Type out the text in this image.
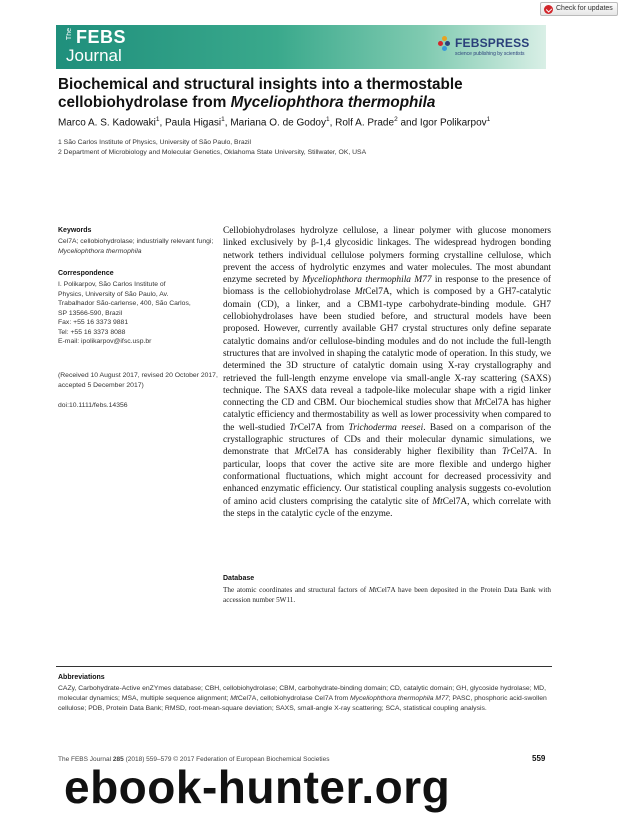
Check for updates
The FEBS
Journal
FEBSPRESS
science publishing by scientists
Biochemical and structural insights into a thermostable cellobiohydrolase from Myceliophthora thermophila
Marco A. S. Kadowaki$^1$, Paula Higasi$^1$, Mariana O. de Godoy$^1$, Rolf A. Prade$^2$ and Igor Polikarpov$^1$
1 São Carlos Institute of Physics, University of São Paulo, Brazil
2 Department of Microbiology and Molecular Genetics, Oklahoma State University, Stillwater, OK, USA
Keywords
Cel7A; cellobiohydrolase; industrially relevant fungi; Myceliophthora thermophila
Correspondence
I. Polikarpov, São Carlos Institute of
Physics, University of São Paulo, Av.
Trabalhador São-carlense, 400, São Carlos,
SP 13566-590, Brazil
Fax: +55 16 3373 9881
Tel: +55 16 3373 8088
E-mail: ipolikarpov@ifsc.usp.br
(Received 10 August 2017, revised 20 October 2017, accepted 5 December 2017)
doi:10.1111/febs.14356
Cellobiohydrolases hydrolyze cellulose, a linear polymer with glucose monomers linked exclusively by β-1,4 glycosidic linkages. The widespread hydrogen bonding network tethers individual cellulose polymers forming crystalline cellulose, which prevent the access of hydrolytic enzymes and water molecules. The most abundant enzyme secreted by Myceliophthora thermophila M77 in response to the presence of biomass is the cellobiohydrolase MtCel7A, which is composed by a GH7-catalytic domain (CD), a linker, and a CBM1-type carbohydrate-binding module. GH7 cellobiohydrolases have been studied before, and structural models have been proposed. However, currently available GH7 crystal structures only define separate catalytic domains and/or cellulose-binding modules and do not include the full-length structures that are involved in shaping the catalytic mode of operation. In this study, we determined the 3D structure of catalytic domain using X-ray crystallography and retrieved the full-length enzyme envelope via small-angle X-ray scattering (SAXS) technique. The SAXS data reveal a tadpole-like molecular shape with a rigid linker connecting the CD and CBM. Our biochemical studies show that MtCel7A has higher catalytic efficiency and thermostability as well as lower processivity when compared to the well-studied TrCel7A from Trichoderma reesei. Based on a comparison of the crystallographic structures of CDs and their molecular dynamic simulations, we demonstrate that MtCel7A has considerably higher flexibility than TrCel7A. In particular, loops that cover the active site are more flexible and undergo higher conformational fluctuations, which might account for decreased processivity and enhanced enzymatic efficiency. Our statistical coupling analysis suggests co-evolution of amino acid clusters comprising the catalytic site of MtCel7A, which correlate with the steps in the catalytic cycle of the enzyme.
Database
The atomic coordinates and structural factors of MtCel7A have been deposited in the Protein Data Bank with accession number 5W11.
Abbreviations
CAZy, Carbohydrate-Active enZYmes database; CBH, cellobiohydrolase; CBM, carbohydrate-binding domain; CD, catalytic domain; GH, glycoside hydrolase; MD, molecular dynamics; MSA, multiple sequence alignment; MtCel7A, cellobiohydrolase Cel7A from Myceliophthora thermophila M77; PASC, phosphoric acid-swollen cellulose; PDB, Protein Data Bank; RMSD, root-mean-square deviation; SAXS, small-angle X-ray scattering; SCA, statistical coupling analysis.
The FEBS Journal 285 (2018) 559–579 © 2017 Federation of European Biochemical Societies	559
ebook-hunter.org
